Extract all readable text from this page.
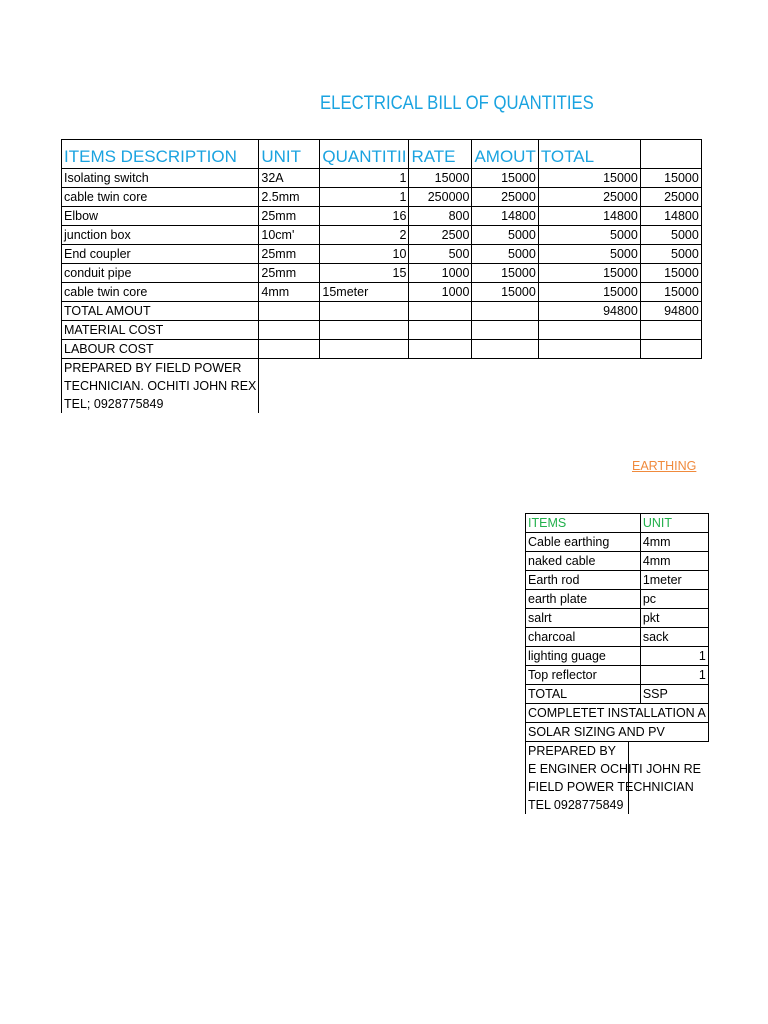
ELECTRICAL BILL OF QUANTITIES
ITEMS DESCRIPTION	UNIT	QUANTITII	RATE	AMOUT	TOTAL	
Isolating switch	32A	1	15000	15000	15000	15000
cable twin core	2.5mm	1	250000	25000	25000	25000
Elbow	25mm	16	800	14800	14800	14800
junction box	10cm'	2	2500	5000	5000	5000
End coupler	25mm	10	500	5000	5000	5000
conduit pipe	25mm	15	1000	15000	15000	15000
cable twin core	4mm	15meter	1000	15000	15000	15000
TOTAL AMOUT					94800	94800
MATERIAL COST						
LABOUR COST						
PREPARED BY FIELD POWER						
TECHNICIAN. OCHITI JOHN REX						
TEL; 0928775849						
EARTHING
ITEMS	UNIT
Cable earthing	4mm
naked cable	4mm
Earth rod	1meter
earth plate	pc
salrt	pkt
charcoal	sack
lighting guage	1
Top reflector	1
TOTAL	SSP
COMPLETET INSTALLATION A	
SOLAR SIZING AND PV	
PREPARED BY	
E ENGINER OCHITI JOHN RE	
FIELD POWER TECHNICIAN	
TEL 0928775849	
